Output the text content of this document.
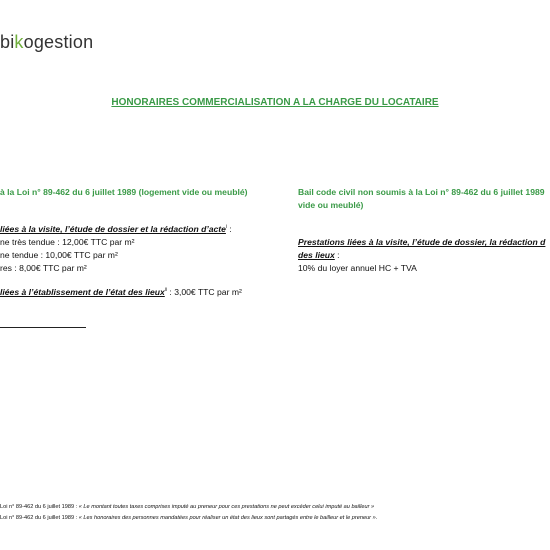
bikogestion
HONORAIRES COMMERCIALISATION A LA CHARGE DU LOCATAIRE
à la Loi n° 89-462 du 6 juillet 1989 (logement vide ou meublé)
liées à la visite, l’étude de dossier et la rédaction d’acte$^i$ :
ne très tendue : 12,00€ TTC par m²
ne tendue : 10,00€ TTC par m²
res : 8,00€ TTC par m²
liées à l’établissement de l’état des lieux$^{ii}$ : 3,00€ TTC par m²
Bail code civil non soumis à la Loi n° 89-462 du 6 juillet 1989
vide ou meublé)
Prestations liées à la visite, l’étude de dossier, la rédaction d
des lieux :
10% du loyer annuel HC + TVA
Loi n° 89-462 du 6 juillet 1989 : « Le montant toutes taxes comprises imputé au preneur pour ces prestations ne peut excéder celui imputé au bailleur »
Loi n° 89-462 du 6 juillet 1989 : « Les honoraires des personnes mandatées pour réaliser un état des lieux sont partagés entre le bailleur et le preneur ».
